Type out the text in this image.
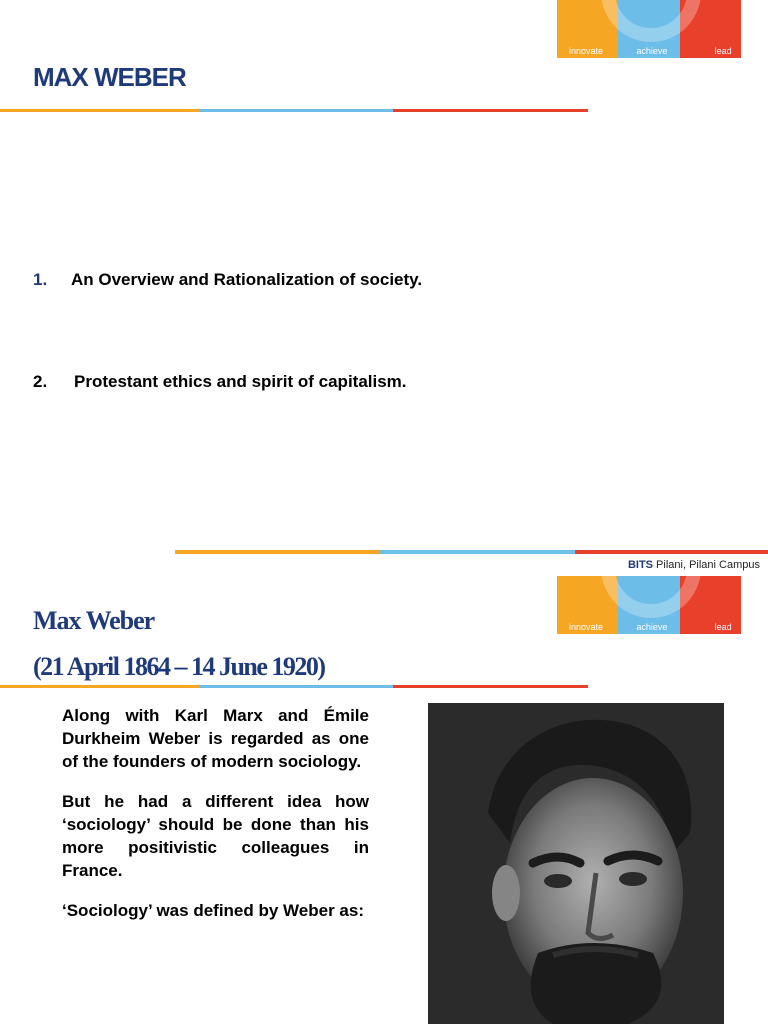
innovate	achieve	lead
MAX WEBER
1. An Overview and Rationalization of society.
2. Protestant ethics and spirit of capitalism.
BITS Pilani, Pilani Campus
innovate	achieve	lead
Max Weber
(21 April 1864 – 14 June 1920)

Along with Karl Marx and Émile Durkheim Weber is regarded as one of the founders of modern sociology.

But he had a different idea how ‘sociology’ should be done than his more positivistic colleagues in France.

‘Sociology’ was defined by Weber as:
